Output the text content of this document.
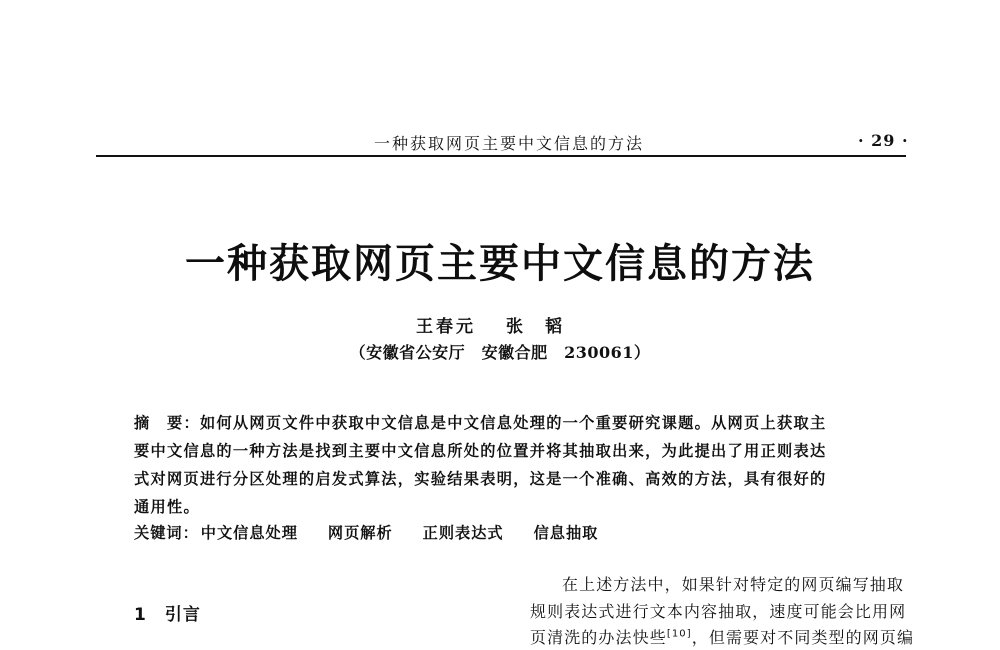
一种获取网页主要中文信息的方法	· 29 ·
一种获取网页主要中文信息的方法
王春元 张韬
（安徽省公安厅　安徽合肥　230061）
摘　要：如何从网页文件中获取中文信息是中文信息处理的一个重要研究课题。从网页上获取主
要中文信息的一种方法是找到主要中文信息所处的位置并将其抽取出来，为此提出了用正则表达
式对网页进行分区处理的启发式算法，实验结果表明，这是一个准确、高效的方法，具有很好的
通用性。
关键词： 中文信息处理 网页解析 正则表达式 信息抽取
1 引言
在上述方法中，如果针对特定的网页编写抽取
规则表达式进行文本内容抽取，速度可能会比用网
页清洗的办法快些[10]，但需要对不同类型的网页编
